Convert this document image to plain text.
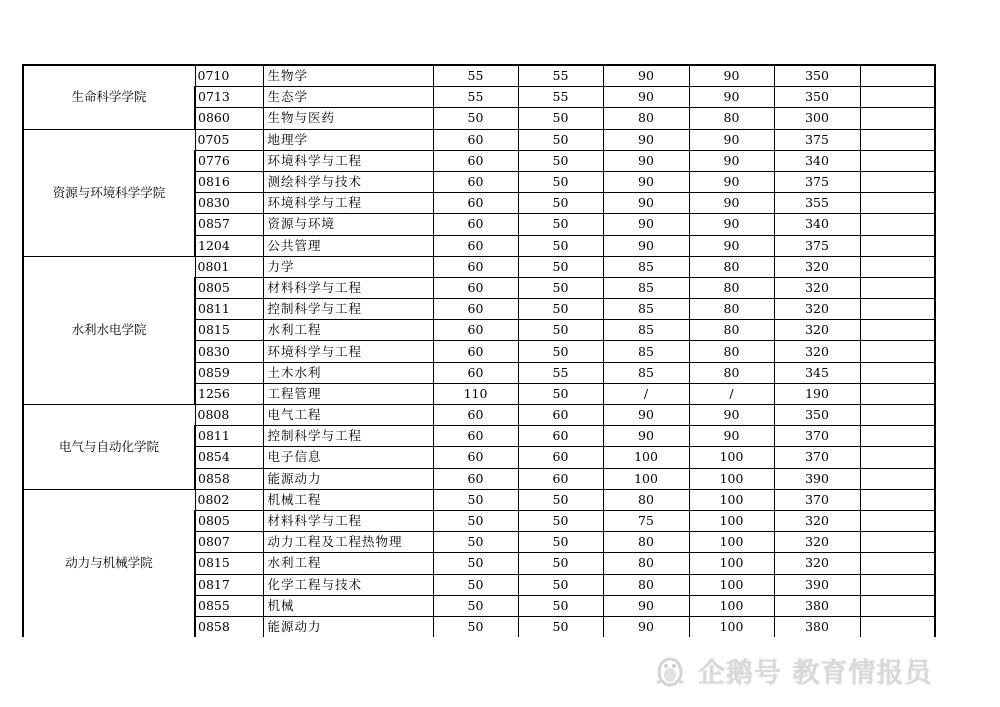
生命科学学院	0710	生物学	55	55	90	90	350	
	0713	生态学	55	55	90	90	350	
	0860	生物与医药	50	50	80	80	300	
资源与环境科学学院	0705	地理学	60	50	90	90	375	
	0776	环境科学与工程	60	50	90	90	340	
	0816	测绘科学与技术	60	50	90	90	375	
	0830	环境科学与工程	60	50	90	90	355	
	0857	资源与环境	60	50	90	90	340	
	1204	公共管理	60	50	90	90	375	
水利水电学院	0801	力学	60	50	85	80	320	
	0805	材料科学与工程	60	50	85	80	320	
	0811	控制科学与工程	60	50	85	80	320	
	0815	水利工程	60	50	85	80	320	
	0830	环境科学与工程	60	50	85	80	320	
	0859	土木水利	60	55	85	80	345	
	1256	工程管理	110	50	/	/	190	
电气与自动化学院	0808	电气工程	60	60	90	90	350	
	0811	控制科学与工程	60	60	90	90	370	
	0854	电子信息	60	60	100	100	370	
	0858	能源动力	60	60	100	100	390	
动力与机械学院	0802	机械工程	50	50	80	100	370	
	0805	材料科学与工程	50	50	75	100	320	
	0807	动力工程及工程热物理	50	50	80	100	320	
	0815	水利工程	50	50	80	100	320	
	0817	化学工程与技术	50	50	80	100	390	
	0855	机械	50	50	90	100	380	
	0858	能源动力	50	50	90	100	380	
企鹅号 教育情报员
